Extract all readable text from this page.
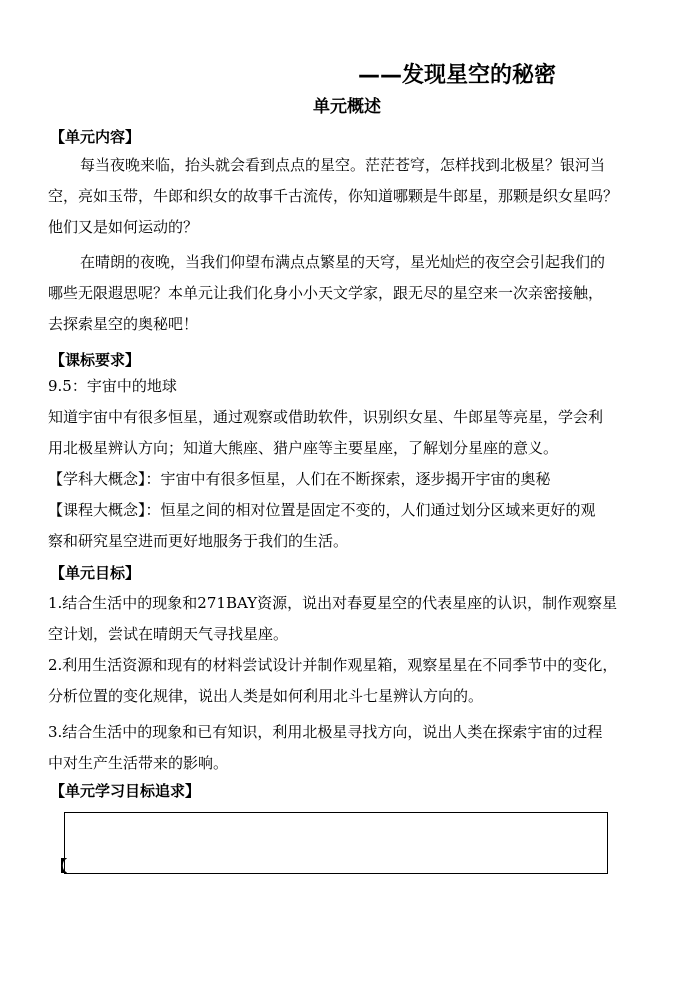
——发现星空的秘密
单元概述
【单元内容】
每当夜晚来临，抬头就会看到点点的星空。茫茫苍穹，怎样找到北极星？银河当
空，亮如玉带，牛郎和织女的故事千古流传，你知道哪颗是牛郎星，那颗是织女星吗？
他们又是如何运动的？
在晴朗的夜晚，当我们仰望布满点点繁星的天穹，星光灿烂的夜空会引起我们的
哪些无限遐思呢？本单元让我们化身小小天文学家，跟无尽的星空来一次亲密接触，
去探索星空的奥秘吧！
【课标要求】
9.5：宇宙中的地球
知道宇宙中有很多恒星，通过观察或借助软件，识别织女星、牛郎星等亮星，学会利
用北极星辨认方向；知道大熊座、猎户座等主要星座，了解划分星座的意义。
【学科大概念】：宇宙中有很多恒星，人们在不断探索，逐步揭开宇宙的奥秘
【课程大概念】：恒星之间的相对位置是固定不变的，人们通过划分区域来更好的观
察和研究星空进而更好地服务于我们的生活。
【单元目标】
1.结合生活中的现象和271BAY资源，说出对春夏星空的代表星座的认识，制作观察星
空计划，尝试在晴朗天气寻找星座。
2.利用生活资源和现有的材料尝试设计并制作观星箱，观察星星在不同季节中的变化，
分析位置的变化规律，说出人类是如何利用北斗七星辨认方向的。
3.结合生活中的现象和已有知识，利用北极星寻找方向，说出人类在探索宇宙的过程
中对生产生活带来的影响。
【单元学习目标追求】
【
